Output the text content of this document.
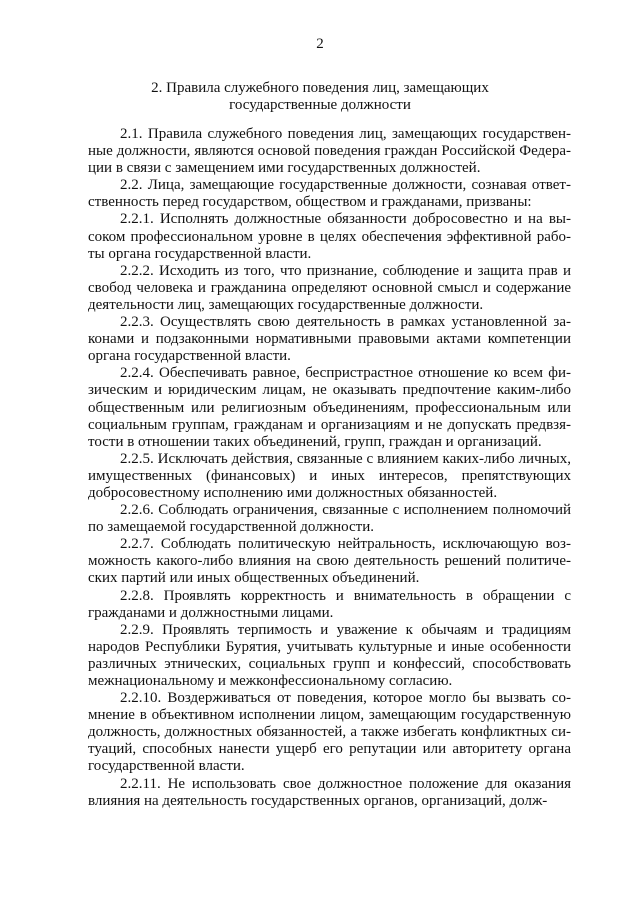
2
2. Правила служебного поведения лиц, замещающих
государственные должности

2.1. Правила служебного поведения лиц, замещающих государственные должности, являются основой поведения граждан Российской Федерации в связи с замещением ими государственных должностей.

2.2. Лица, замещающие государственные должности, сознавая ответственность перед государством, обществом и гражданами, призваны:

2.2.1. Исполнять должностные обязанности добросовестно и на высоком профессиональном уровне в целях обеспечения эффективной работы органа государственной власти.

2.2.2. Исходить из того, что признание, соблюдение и защита прав и свобод человека и гражданина определяют основной смысл и содержание деятельности лиц, замещающих государственные должности.

2.2.3. Осуществлять свою деятельность в рамках установленной законами и подзаконными нормативными правовыми актами компетенции органа государственной власти.

2.2.4. Обеспечивать равное, беспристрастное отношение ко всем физическим и юридическим лицам, не оказывать предпочтение каким-либо общественным или религиозным объединениям, профессиональным или социальным группам, гражданам и организациям и не допускать предвзятости в отношении таких объединений, групп, граждан и организаций.

2.2.5. Исключать действия, связанные с влиянием каких-либо личных, имущественных (финансовых) и иных интересов, препятствующих добросовестному исполнению ими должностных обязанностей.

2.2.6. Соблюдать ограничения, связанные с исполнением полномочий по замещаемой государственной должности.

2.2.7. Соблюдать политическую нейтральность, исключающую возможность какого-либо влияния на свою деятельность решений политических партий или иных общественных объединений.

2.2.8. Проявлять корректность и внимательность в обращении с гражданами и должностными лицами.

2.2.9. Проявлять терпимость и уважение к обычаям и традициям народов Республики Бурятия, учитывать культурные и иные особенности различных этнических, социальных групп и конфессий, способствовать межнациональному и межконфессиональному согласию.

2.2.10. Воздерживаться от поведения, которое могло бы вызвать сомнение в объективном исполнении лицом, замещающим государственную должность, должностных обязанностей, а также избегать конфликтных ситуаций, способных нанести ущерб его репутации или авторитету органа государственной власти.

2.2.11. Не использовать свое должностное положение для оказания влияния на деятельность государственных органов, организаций, долж-
